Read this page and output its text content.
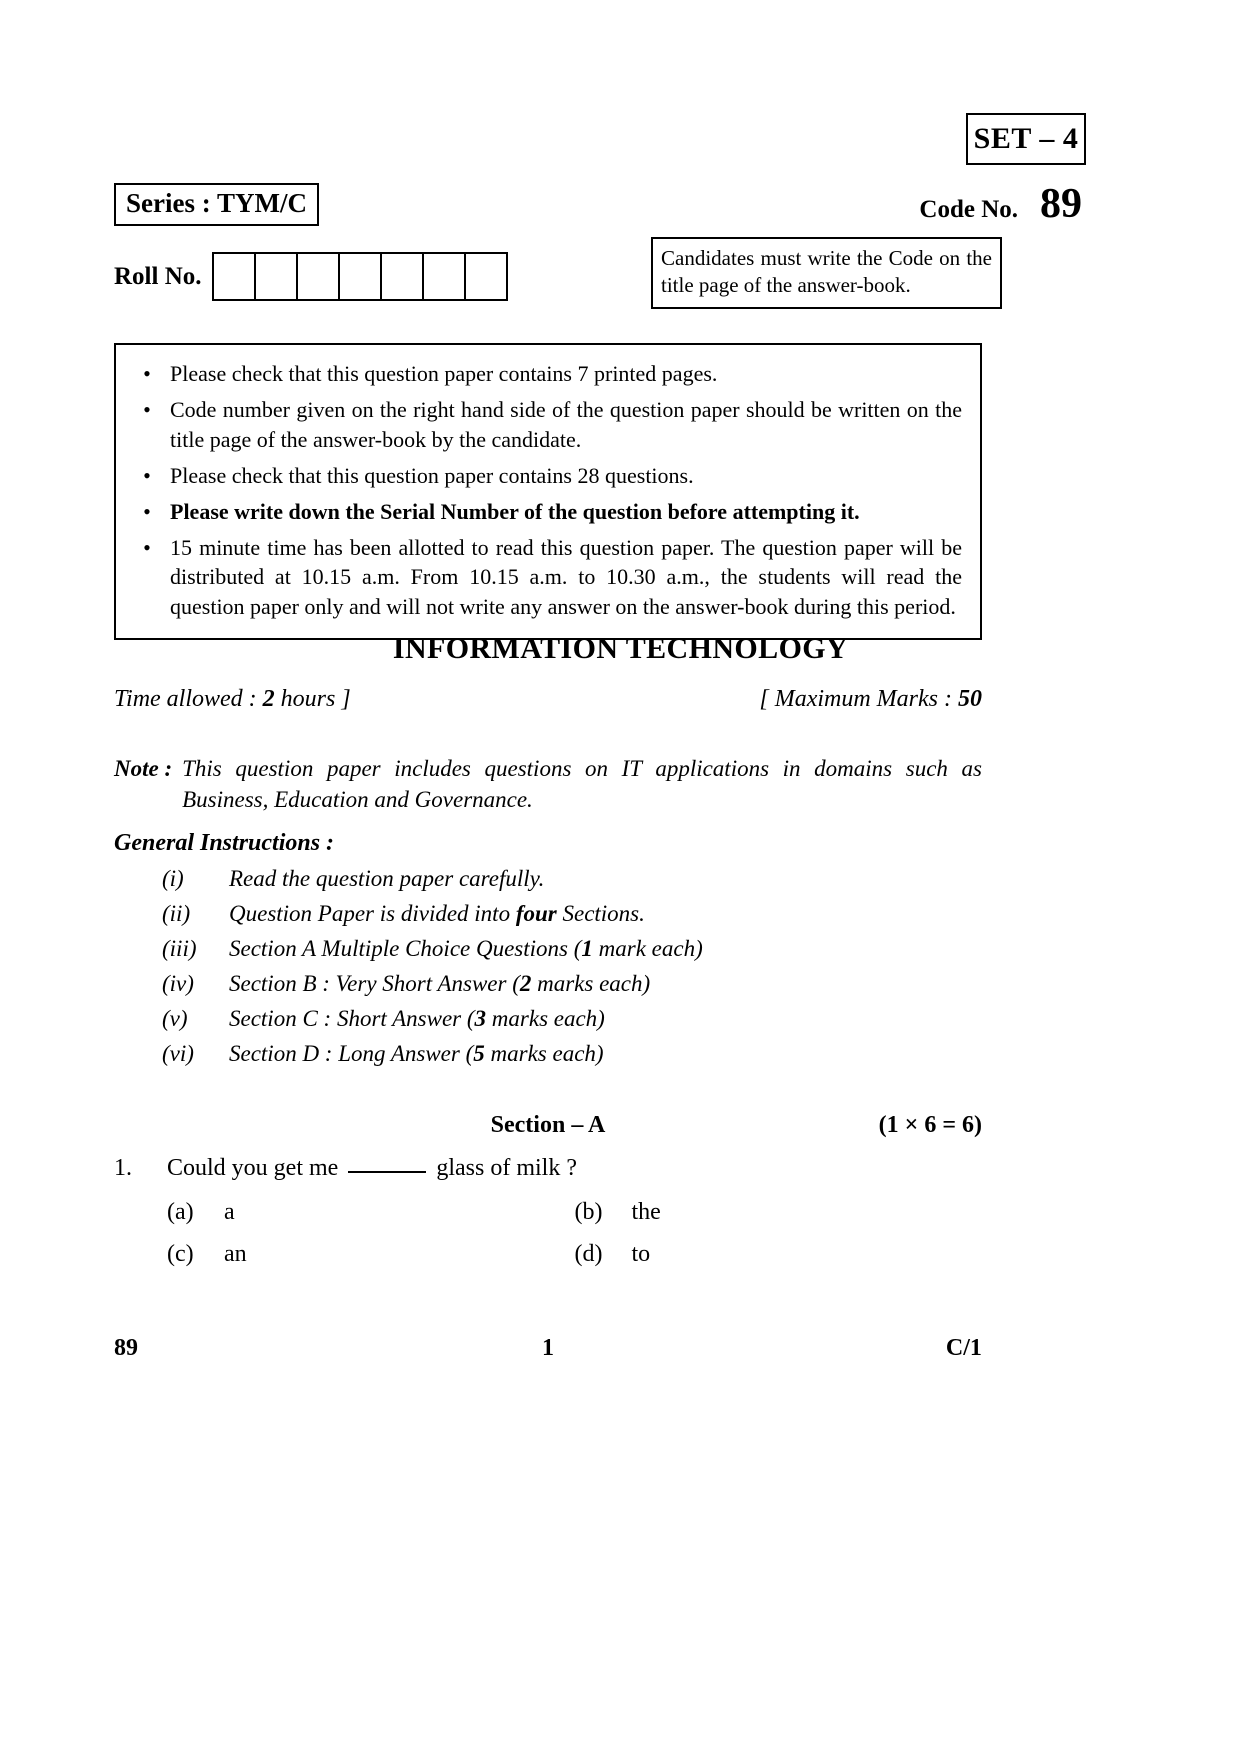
SET – 4
Series : TYM/C	Code No. 89
Roll No.
Candidates must write the Code on the title page of the answer-book.
• Please check that this question paper contains 7 printed pages.
• Code number given on the right hand side of the question paper should be written on the title page of the answer-book by the candidate.
• Please check that this question paper contains 28 questions.
• Please write down the Serial Number of the question before attempting it.
• 15 minute time has been allotted to read this question paper. The question paper will be distributed at 10.15 a.m. From 10.15 a.m. to 10.30 a.m., the students will read the question paper only and will not write any answer on the answer-book during this period.
INFORMATION TECHNOLOGY
Time allowed : 2 hours ]	[ Maximum Marks : 50
Note : This question paper includes questions on IT applications in domains such as Business, Education and Governance.
General Instructions :
(i)	Read the question paper carefully.
(ii)	Question Paper is divided into four Sections.
(iii)	Section A Multiple Choice Questions (1 mark each)
(iv)	Section B : Very Short Answer (2 marks each)
(v)	Section C : Short Answer (3 marks each)
(vi)	Section D : Long Answer (5 marks each)
Section – A	(1 × 6 = 6)
1.	Could you get me	glass of milk ?
(a)	a	(b)	the
(c)	an	(d)	to
89	1	C/1
